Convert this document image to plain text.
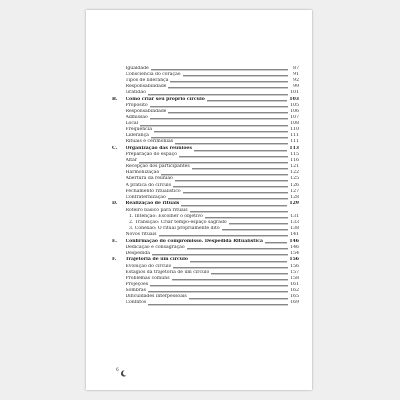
Igualdade	87
Consciência do coração	91
Tipos de liderança	92
Responsabilidade	99
Gratidão	101
B.	Como criar seu próprio círculo	103
Propósito	105
Responsabilidade	106
Admissão	107
Local	108
Frequência	110
Liderança	111
Rituais e cerimônias	111
C.	Organização das reuniões	113
Preparação do espaço	115
Altar	116
Recepção dos participantes	121
Harmonização	122
Abertura da reunião	125
A prática do círculo	126
Fechamento ritualístico	127
Confraternização	128
D.	Realização de rituais	129
Roteiro básico para rituais
1. Intenção: Escolher o objetivo	131
2. Transição: Criar tempo-espaço sagrado	133
3. Conexão: O ritual propriamente dito	138
Novos rituais	141
E.	Confirmação do compromisso. Despedida Ritualística	146
Dedicação e consagração	146
Despedida	154
F.	Trajetória de um círculo	156
Evolução do círculo	156
Estágios da trajetória de um círculo	157
Problemas comuns	158
Projeções	161
Sombras	162
Dificuldades interpessoais	165
Conflitos	169
6
